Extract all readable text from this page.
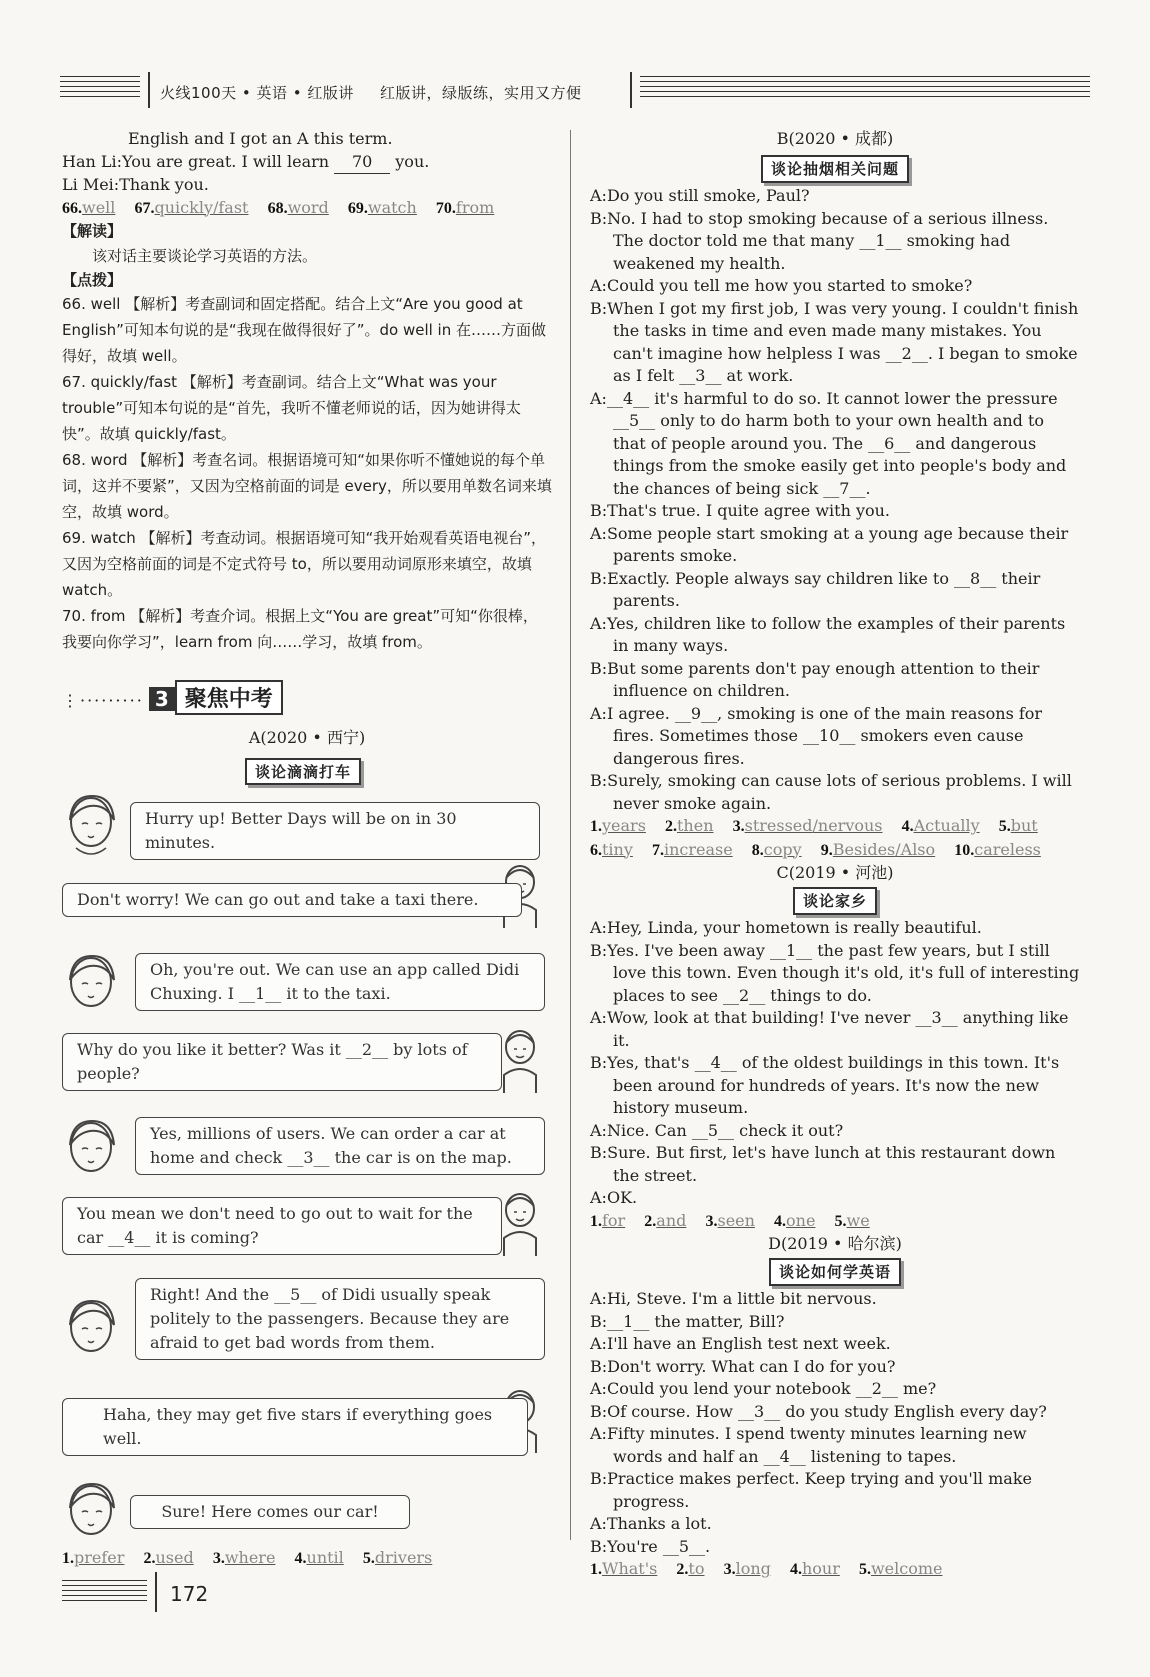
火线100天 • 英语 • 红版讲 红版讲，绿版练，实用又方便

English and I got an A this term.

Han Li:You are great. I will learn 70 you.

Li Mei:Thank you.

66.well 67.quickly/fast 68.word 69.watch 70.from

【解读】

该对话主要谈论学习英语的方法。

【点拨】

66. well 【解析】考查副词和固定搭配。结合上文“Are you good at English”可知本句说的是“我现在做得很好了”。do well in 在……方面做得好，故填 well。

67. quickly/fast 【解析】考查副词。结合上文“What was your trouble”可知本句说的是“首先，我听不懂老师说的话，因为她讲得太快”。故填 quickly/fast。

68. word 【解析】考查名词。根据语境可知“如果你听不懂她说的每个单词，这并不要紧”，又因为空格前面的词是 every，所以要用单数名词来填空，故填 word。

69. watch 【解析】考查动词。根据语境可知“我开始观看英语电视台”，又因为空格前面的词是不定式符号 to，所以要用动词原形来填空，故填 watch。

70. from 【解析】考查介词。根据上文“You are great”可知“你很棒，我要向你学习”，learn from 向……学习，故填 from。

⋮········· 3 聚焦中考
A(2020 • 西宁)
谈论滴滴打车
Hurry up! Better Days will be on in 30 minutes.
Don't worry! We can go out and take a taxi there.
Oh, you're out. We can use an app called Didi Chuxing. I __1__ it to the taxi.
Why do you like it better? Was it __2__ by lots of people?
Yes, millions of users. We can order a car at home and check __3__ the car is on the map.
You mean we don't need to go out to wait for the car __4__ it is coming?
Right! And the __5__ of Didi usually speak politely to the passengers. Because they are afraid to get bad words from them.
Haha, they may get five stars if everything goes well.
Sure! Here comes our car!

1.prefer 2.used 3.where 4.until 5.drivers

B(2020 • 成都)

谈论抽烟相关问题

A:Do you still smoke, Paul?

B:No. I had to stop smoking because of a serious illness. The doctor told me that many __1__ smoking had weakened my health.

A:Could you tell me how you started to smoke?

B:When I got my first job, I was very young. I couldn't finish the tasks in time and even made many mistakes. You can't imagine how helpless I was __2__. I began to smoke as I felt __3__ at work.

A:__4__ it's harmful to do so. It cannot lower the pressure __5__ only to do harm both to your own health and to that of people around you. The __6__ and dangerous things from the smoke easily get into people's body and the chances of being sick __7__.

B:That's true. I quite agree with you.

A:Some people start smoking at a young age because their parents smoke.

B:Exactly. People always say children like to __8__ their parents.

A:Yes, children like to follow the examples of their parents in many ways.

B:But some parents don't pay enough attention to their influence on children.

A:I agree. __9__, smoking is one of the main reasons for fires. Sometimes those __10__ smokers even cause dangerous fires.

B:Surely, smoking can cause lots of serious problems. I will never smoke again.

1.years 2.then 3.stressed/nervous 4.Actually 5.but

6.tiny 7.increase 8.copy 9.Besides/Also 10.careless

C(2019 • 河池)

谈论家乡

A:Hey, Linda, your hometown is really beautiful.

B:Yes. I've been away __1__ the past few years, but I still love this town. Even though it's old, it's full of interesting places to see __2__ things to do.

A:Wow, look at that building! I've never __3__ anything like it.

B:Yes, that's __4__ of the oldest buildings in this town. It's been around for hundreds of years. It's now the new history museum.

A:Nice. Can __5__ check it out?

B:Sure. But first, let's have lunch at this restaurant down the street.

A:OK.

1.for 2.and 3.seen 4.one 5.we

D(2019 • 哈尔滨)

谈论如何学英语

A:Hi, Steve. I'm a little bit nervous.

B:__1__ the matter, Bill?

A:I'll have an English test next week.

B:Don't worry. What can I do for you?

A:Could you lend your notebook __2__ me?

B:Of course. How __3__ do you study English every day?

A:Fifty minutes. I spend twenty minutes learning new words and half an __4__ listening to tapes.

B:Practice makes perfect. Keep trying and you'll make progress.

A:Thanks a lot.

B:You're __5__.

1.What's 2.to 3.long 4.hour 5.welcome

172
